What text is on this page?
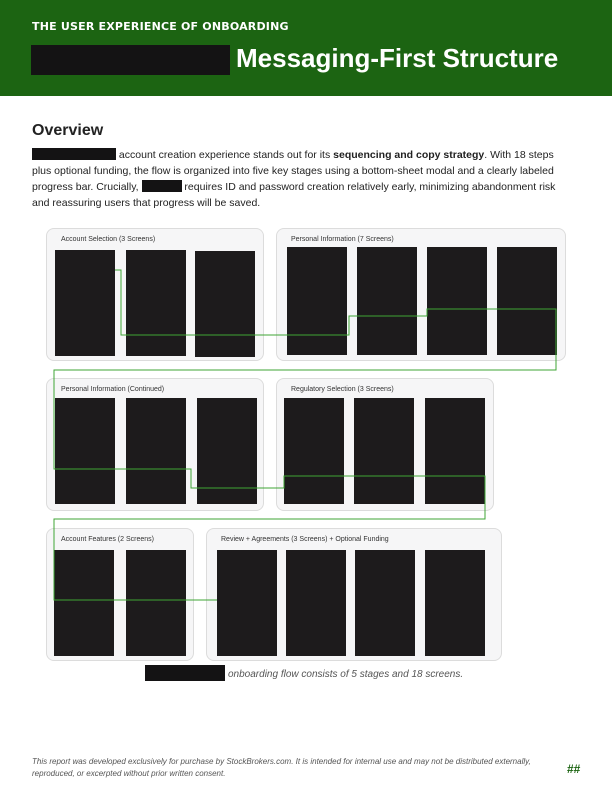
THE USER EXPERIENCE OF ONBOARDING
Messaging-First Structure
Overview
account creation experience stands out for its sequencing and copy strategy. With 18 steps plus optional funding, the flow is organized into five key stages using a bottom-sheet modal and a clearly labeled progress bar. Crucially,	requires ID and password creation relatively early, minimizing abandonment risk and reassuring users that progress will be saved.
Account Selection (3 Screens)	Personal Information (7 Screens)
Personal Information (Continued)	Regulatory Selection (3 Screens)
Account Features (2 Screens)	Review + Agreements (3 Screens) + Optional Funding
onboarding flow consists of 5 stages and 18 screens.
This report was developed exclusively for purchase by StockBrokers.com. It is intended for internal use and may not be distributed externally, reproduced, or excerpted without prior written consent.	##
